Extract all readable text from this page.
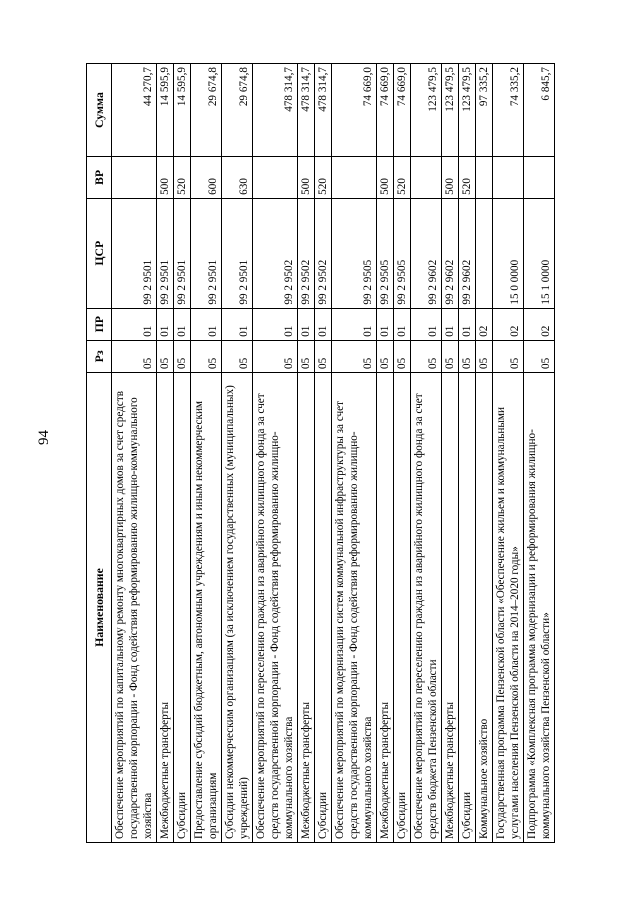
94
Наименование	Рз	ПР	ЦСР	ВР	Сумма
Обеспечение мероприятий по капитальному ремонту многоквартирных домов за счет средств государственной корпорации - Фонд содействия реформированию жилищно-коммунального хозяйства	05	01	99 2 9501		44 270,7
Межбюджетные трансферты	05	01	99 2 9501	500	14 595,9
Субсидии	05	01	99 2 9501	520	14 595,9
Предоставление субсидий бюджетным, автономным учреждениям и иным некоммерческим организациям	05	01	99 2 9501	600	29 674,8
Субсидии некоммерческим организациям (за исключением государственных (муниципальных) учреждений)	05	01	99 2 9501	630	29 674,8
Обеспечение мероприятий по переселению граждан из аварийного жилищного фонда за счет средств государственной корпорации - Фонд содействия реформированию жилищно-коммунального хозяйства	05	01	99 2 9502		478 314,7
Межбюджетные трансферты	05	01	99 2 9502	500	478 314,7
Субсидии	05	01	99 2 9502	520	478 314,7
Обеспечение мероприятий по модернизации систем коммунальной инфраструктуры за счет средств государственной корпорации - Фонд содействия реформированию жилищно-коммунального хозяйства	05	01	99 2 9505		74 669,0
Межбюджетные трансферты	05	01	99 2 9505	500	74 669,0
Субсидии	05	01	99 2 9505	520	74 669,0
Обеспечение мероприятий по переселению граждан из аварийного жилищного фонда за счет средств бюджета Пензенской области	05	01	99 2 9602		123 479,5
Межбюджетные трансферты	05	01	99 2 9602	500	123 479,5
Субсидии	05	01	99 2 9602	520	123 479,5
Коммунальное хозяйство	05	02			97 335,2
Государственная программа Пензенской области «Обеспечение жильем и коммунальными услугами населения Пензенской области на 2014–2020 годы»	05	02	15 0 0000		74 335,2
Подпрограмма «Комплексная программа модернизации и реформирования жилищно-коммунального хозяйства Пензенской области»	05	02	15 1 0000		6 845,7
